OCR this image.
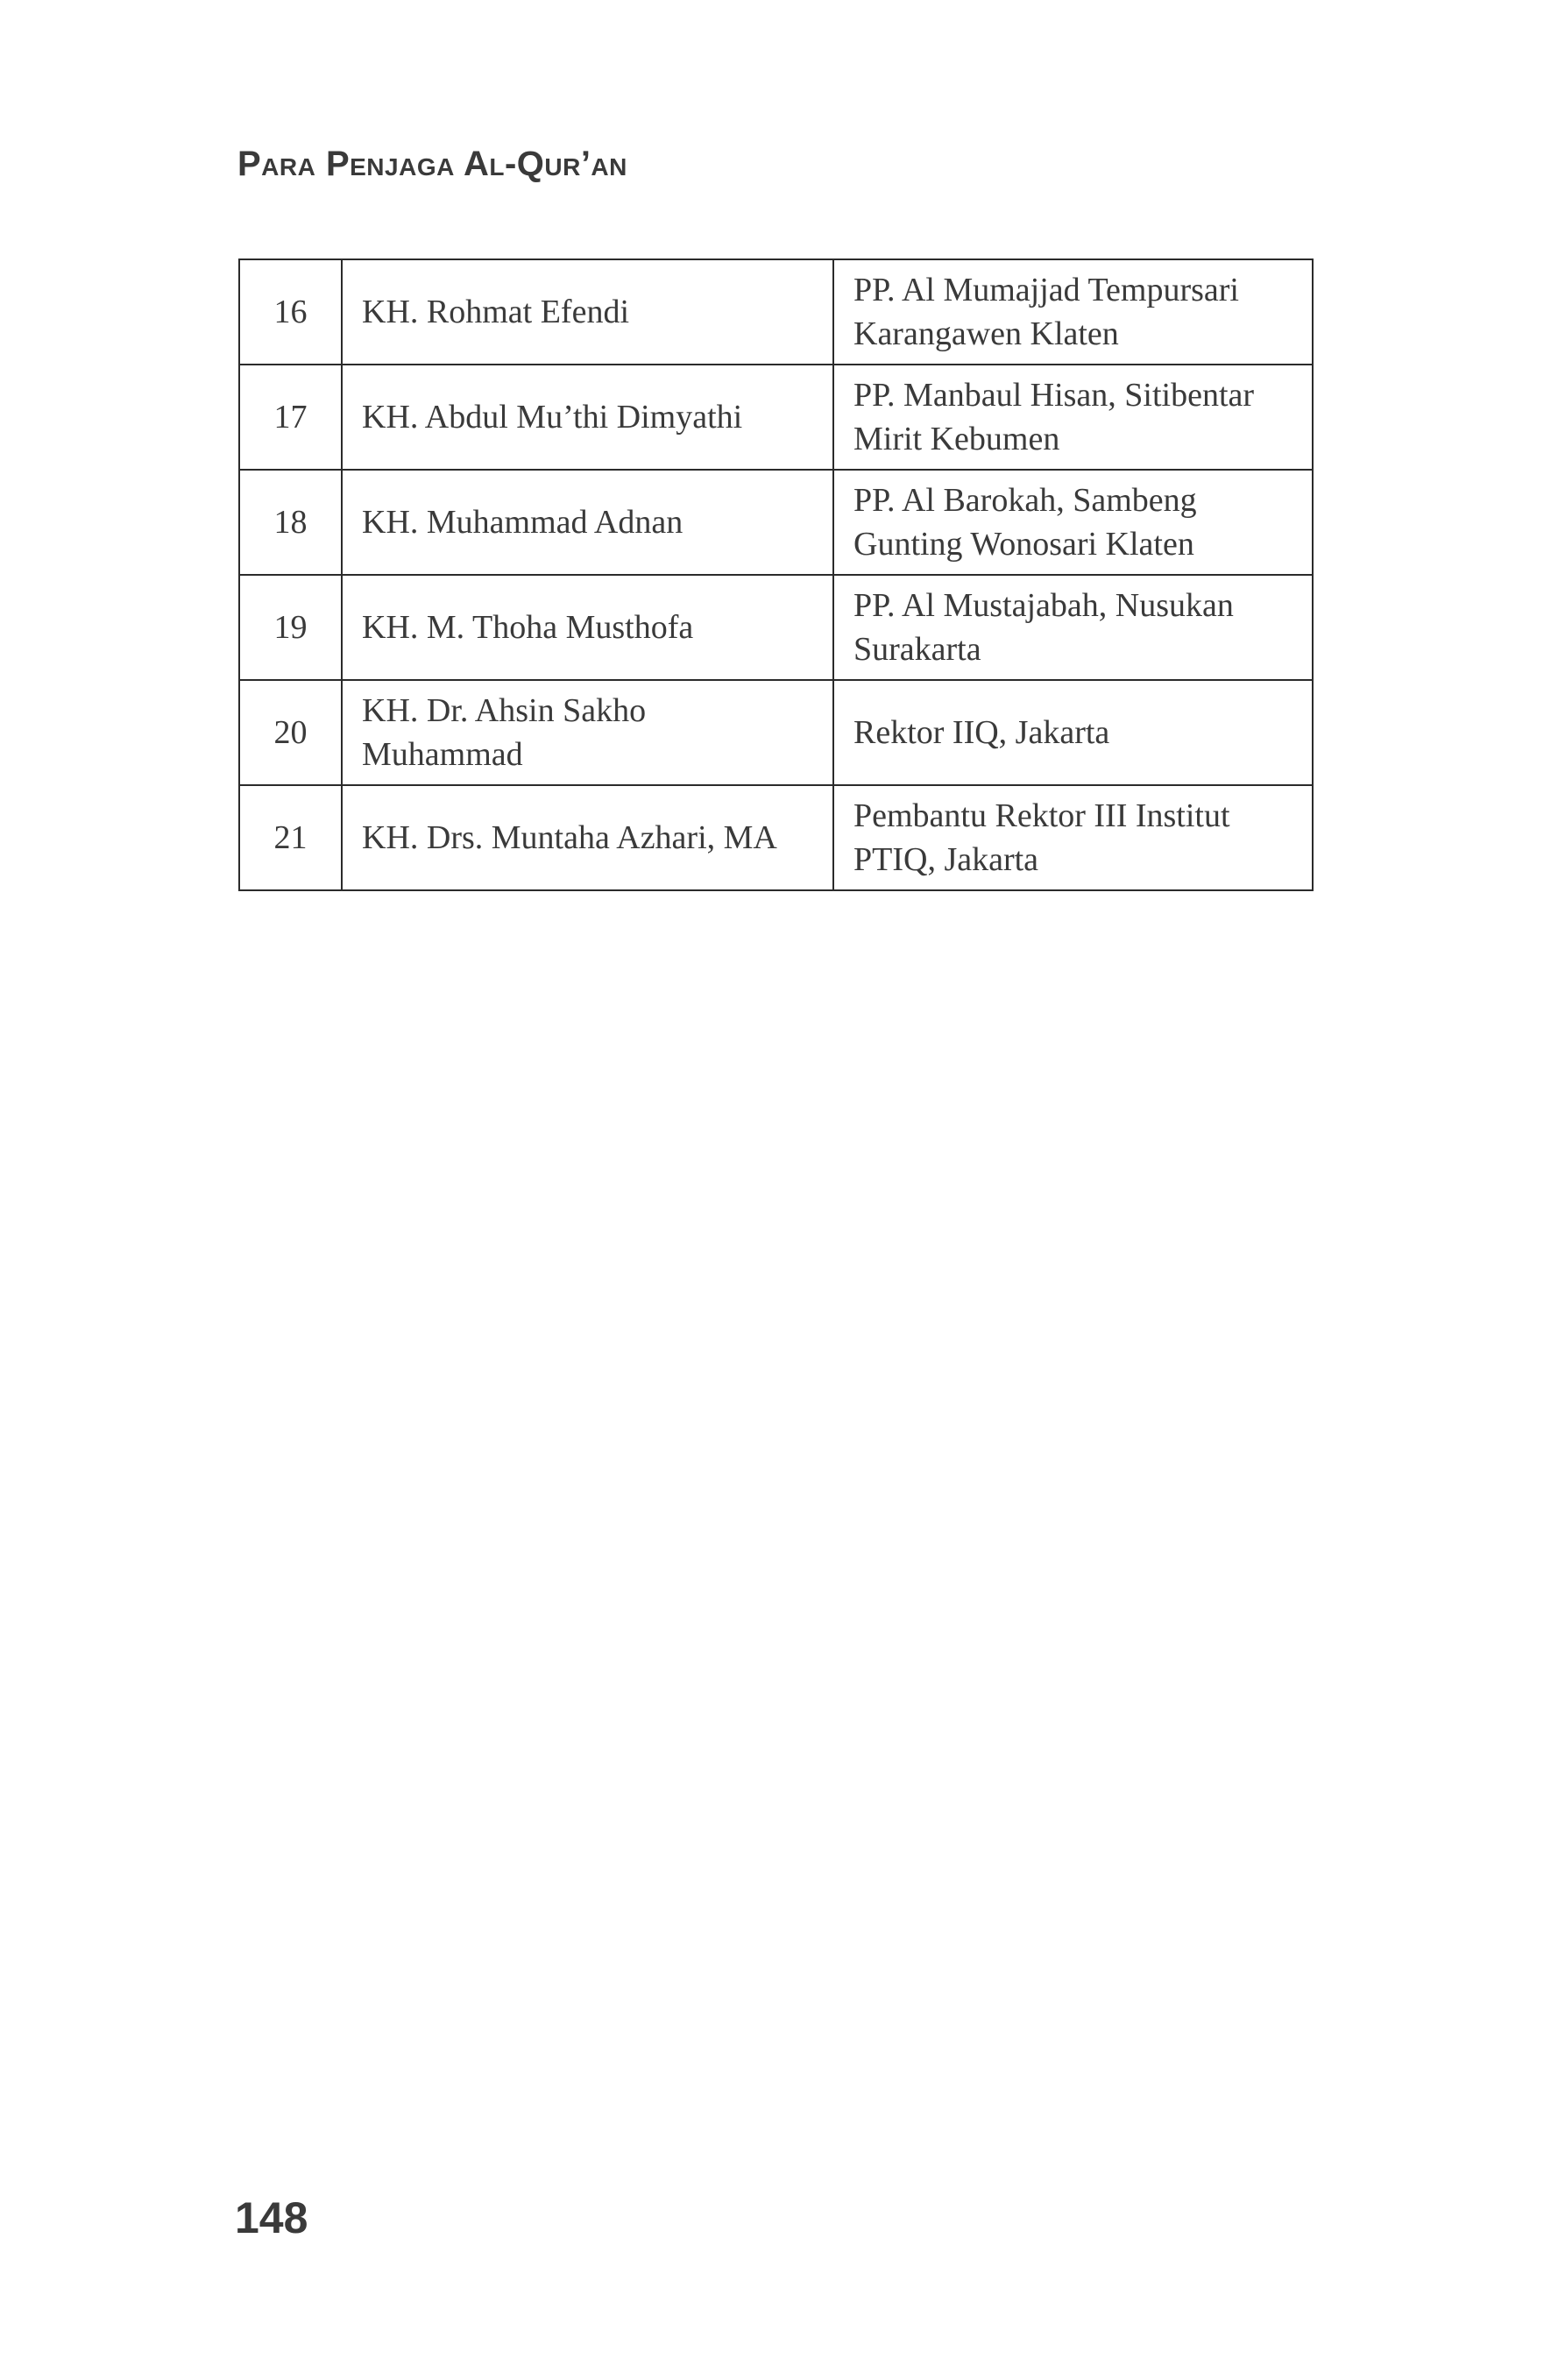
Para Penjaga Al-Qur’an
16	KH. Rohmat Efendi	PP. Al Mumajjad Tempursari Karangawen Klaten
17	KH. Abdul Mu’thi Dimyathi	PP. Manbaul Hisan, Sitibentar Mirit Kebumen
18	KH. Muhammad Adnan	PP. Al Barokah, Sambeng Gunting Wonosari Klaten
19	KH. M. Thoha Musthofa	PP. Al Mustajabah, Nusukan Surakarta
20	KH. Dr. Ahsin Sakho Muhammad	Rektor IIQ, Jakarta
21	KH. Drs. Muntaha Azhari, MA	Pembantu Rektor III Institut PTIQ, Jakarta
148
